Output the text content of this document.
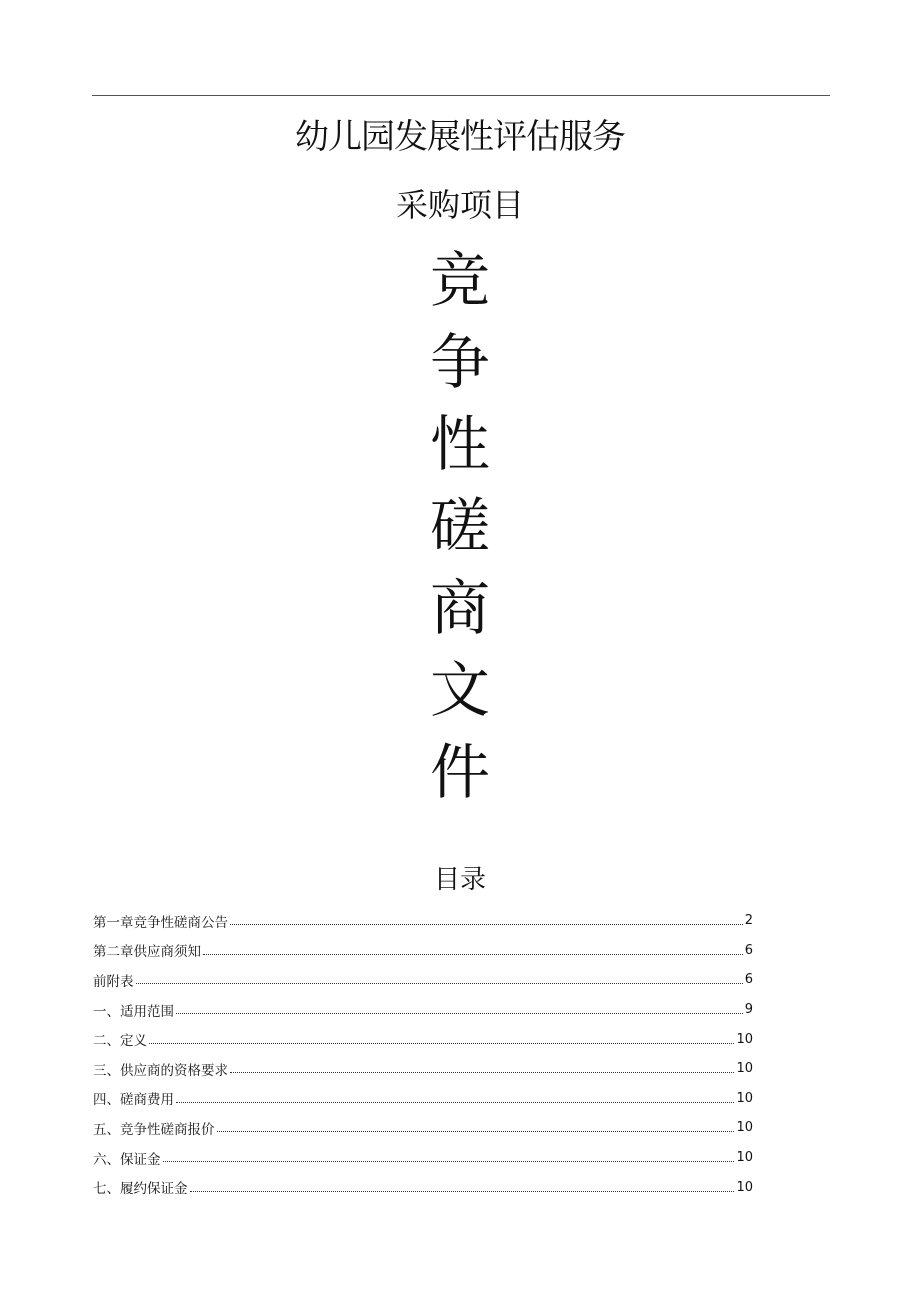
幼儿园发展性评估服务
采购项目
竞
争
性
磋
商
文
件
目录
第一章竞争性磋商公告	2
第二章供应商须知	6
前附表	6
一、适用范围	9
二、定义	10
三、供应商的资格要求	10
四、磋商费用	10
五、竞争性磋商报价	10
六、保证金	10
七、履约保证金	10
